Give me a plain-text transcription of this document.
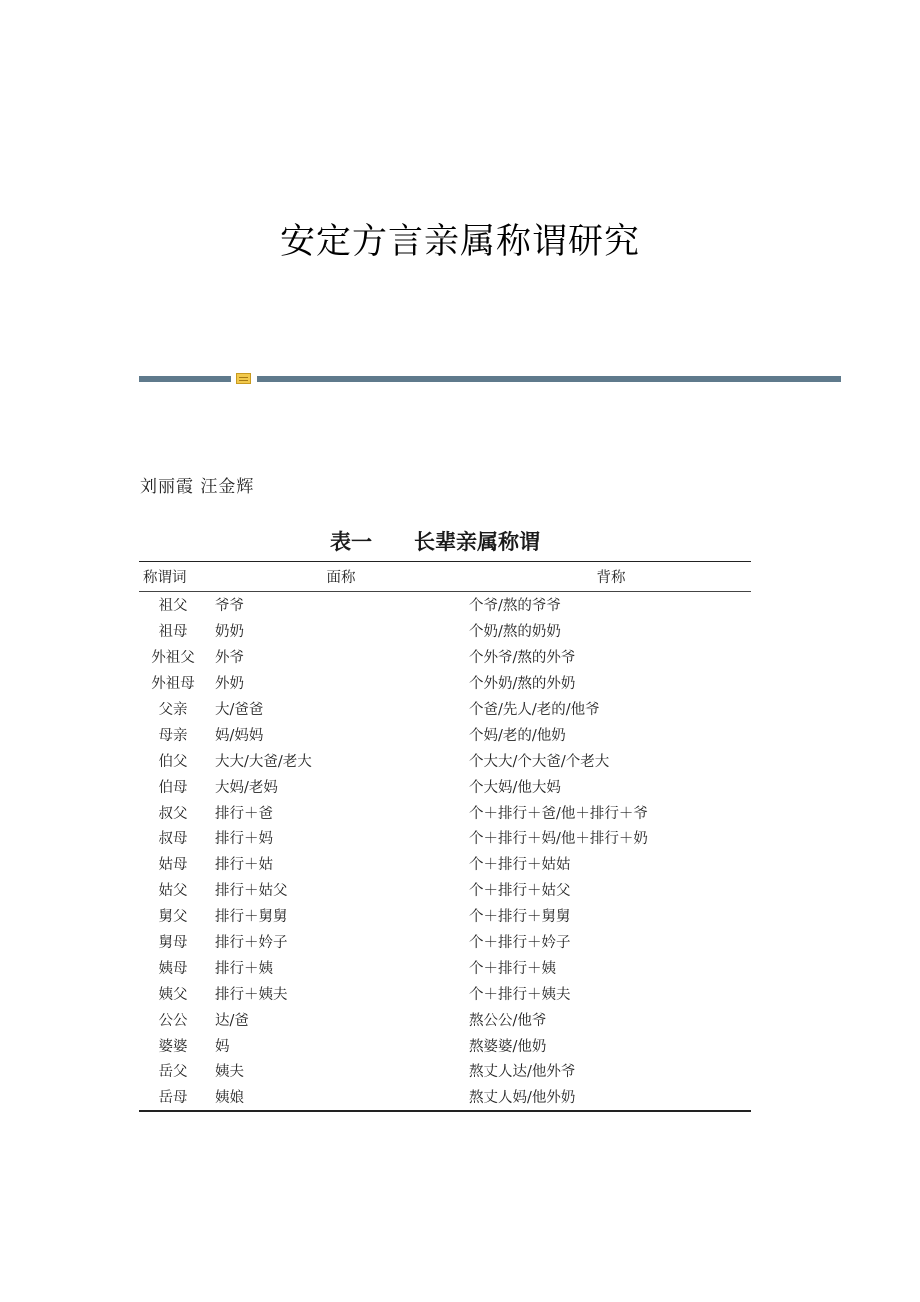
安定方言亲属称谓研究
刘丽霞 汪金辉
表一　　长辈亲属称谓
称谓词	面称	背称
祖父	爷爷	个爷/熬的爷爷
祖母	奶奶	个奶/熬的奶奶
外祖父	外爷	个外爷/熬的外爷
外祖母	外奶	个外奶/熬的外奶
父亲	大/爸爸	个爸/先人/老的/他爷
母亲	妈/妈妈	个妈/老的/他奶
伯父	大大/大爸/老大	个大大/个大爸/个老大
伯母	大妈/老妈	个大妈/他大妈
叔父	排行＋爸	个＋排行＋爸/他＋排行＋爷
叔母	排行＋妈	个＋排行＋妈/他＋排行＋奶
姑母	排行＋姑	个＋排行＋姑姑
姑父	排行＋姑父	个＋排行＋姑父
舅父	排行＋舅舅	个＋排行＋舅舅
舅母	排行＋妗子	个＋排行＋妗子
姨母	排行＋姨	个＋排行＋姨
姨父	排行＋姨夫	个＋排行＋姨夫
公公	达/爸	熬公公/他爷
婆婆	妈	熬婆婆/他奶
岳父	姨夫	熬丈人达/他外爷
岳母	姨娘	熬丈人妈/他外奶
